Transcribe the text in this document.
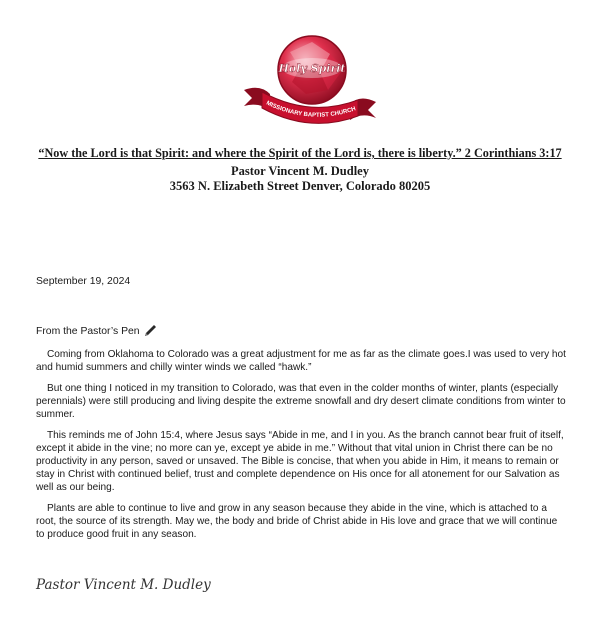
Holy Spirit
MISSIONARY BAPTIST CHURCH
“Now the Lord is that Spirit: and where the Spirit of the Lord is, there is liberty.” 2 Corinthians 3:17
Pastor Vincent M. Dudley
3563 N. Elizabeth Street Denver, Colorado 80205
September 19, 2024
From the Pastor’s Pen

Coming from Oklahoma to Colorado was a great adjustment for me as far as the climate goes.I was used to very hot and humid summers and chilly winter winds we called “hawk.”

But one thing I noticed in my transition to Colorado, was that even in the colder months of winter, plants (especially perennials) were still producing and living despite the extreme snowfall and dry desert climate conditions from winter to summer.

This reminds me of John 15:4, where Jesus says “Abide in me, and I in you. As the branch cannot bear fruit of itself, except it abide in the vine; no more can ye, except ye abide in me.” Without that vital union in Christ there can be no productivity in any person, saved or unsaved. The Bible is concise, that when you abide in Him, it means to remain or stay in Christ with continued belief, trust and complete dependence on His once for all atonement for our Salvation as well as our being.

Plants are able to continue to live and grow in any season because they abide in the vine, which is attached to a root, the source of its strength. May we, the body and bride of Christ abide in His love and grace that we will continue to produce good fruit in any season.

Pastor Vincent M. Dudley
